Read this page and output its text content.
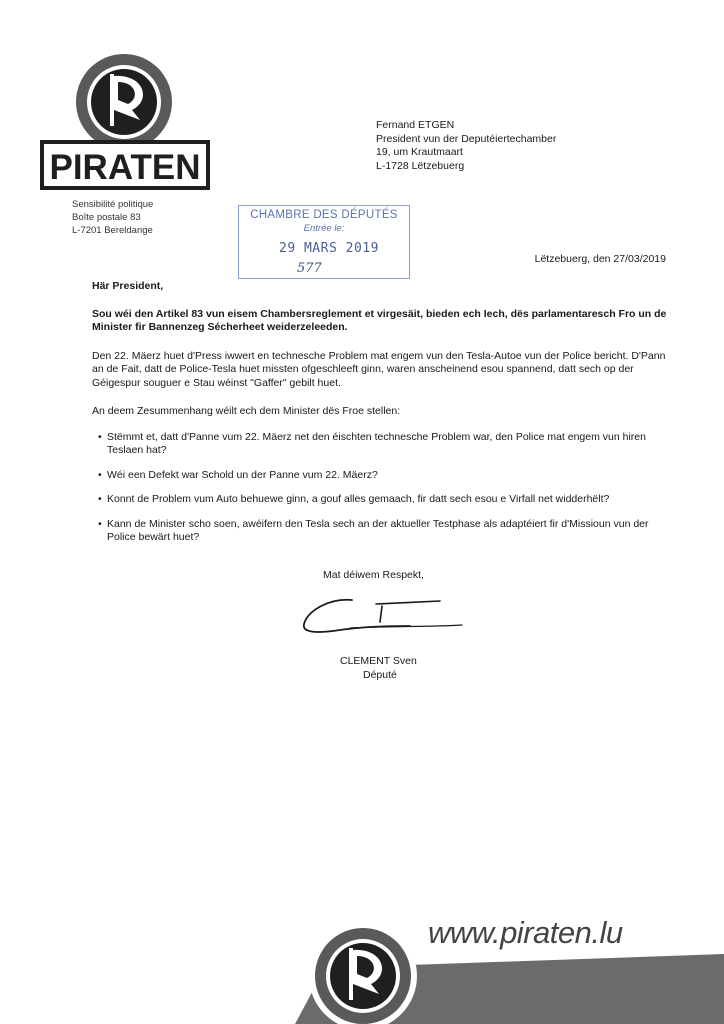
PIRATEN
Sensibilité politique
Boîte postale 83
L-7201 Bereldange
Fernand ETGEN
President vun der Deputéiertechamber
19, um Krautmaart
L-1728 Lëtzebuerg
CHAMBRE DES DÉPUTÉS
Entrée le:
29 MARS 2019
577
Lëtzebuerg, den 27/03/2019

Här President,

Sou wéi den Artikel 83 vun eisem Chambersreglement et virgesäit, bieden ech Iech, dës parlamentaresch Fro un de Minister fir Bannenzeg Sécherheet weiderzeleeden.

Den 22. Mäerz huet d'Press iwwert en technesche Problem mat engem vun den Tesla-Autoe vun der Police bericht. D'Pann an de Fait, datt de Police-Tesla huet missten ofgeschleeft ginn, waren anscheinend esou spannend, datt sech op der Géigespur souguer e Stau wéinst "Gaffer" gebilt huet.

An deem Zesummenhang wéilt ech dem Minister dës Froe stellen:

• Stëmmt et, datt d'Panne vum 22. Mäerz net den éischten technesche Problem war, den Police mat engem vun hiren Teslaen hat?
• Wéi een Defekt war Schold un der Panne vum 22. Mäerz?
• Konnt de Problem vum Auto behuewe ginn, a gouf alles gemaach, fir datt sech esou e Virfall net widderhëlt?
• Kann de Minister scho soen, awéifern den Tesla sech an der aktueller Testphase als adaptéiert fir d'Missioun vun der Police bewärt huet?
Mat déiwem Respekt,
CLEMENT Sven
Député
www.piraten.lu
